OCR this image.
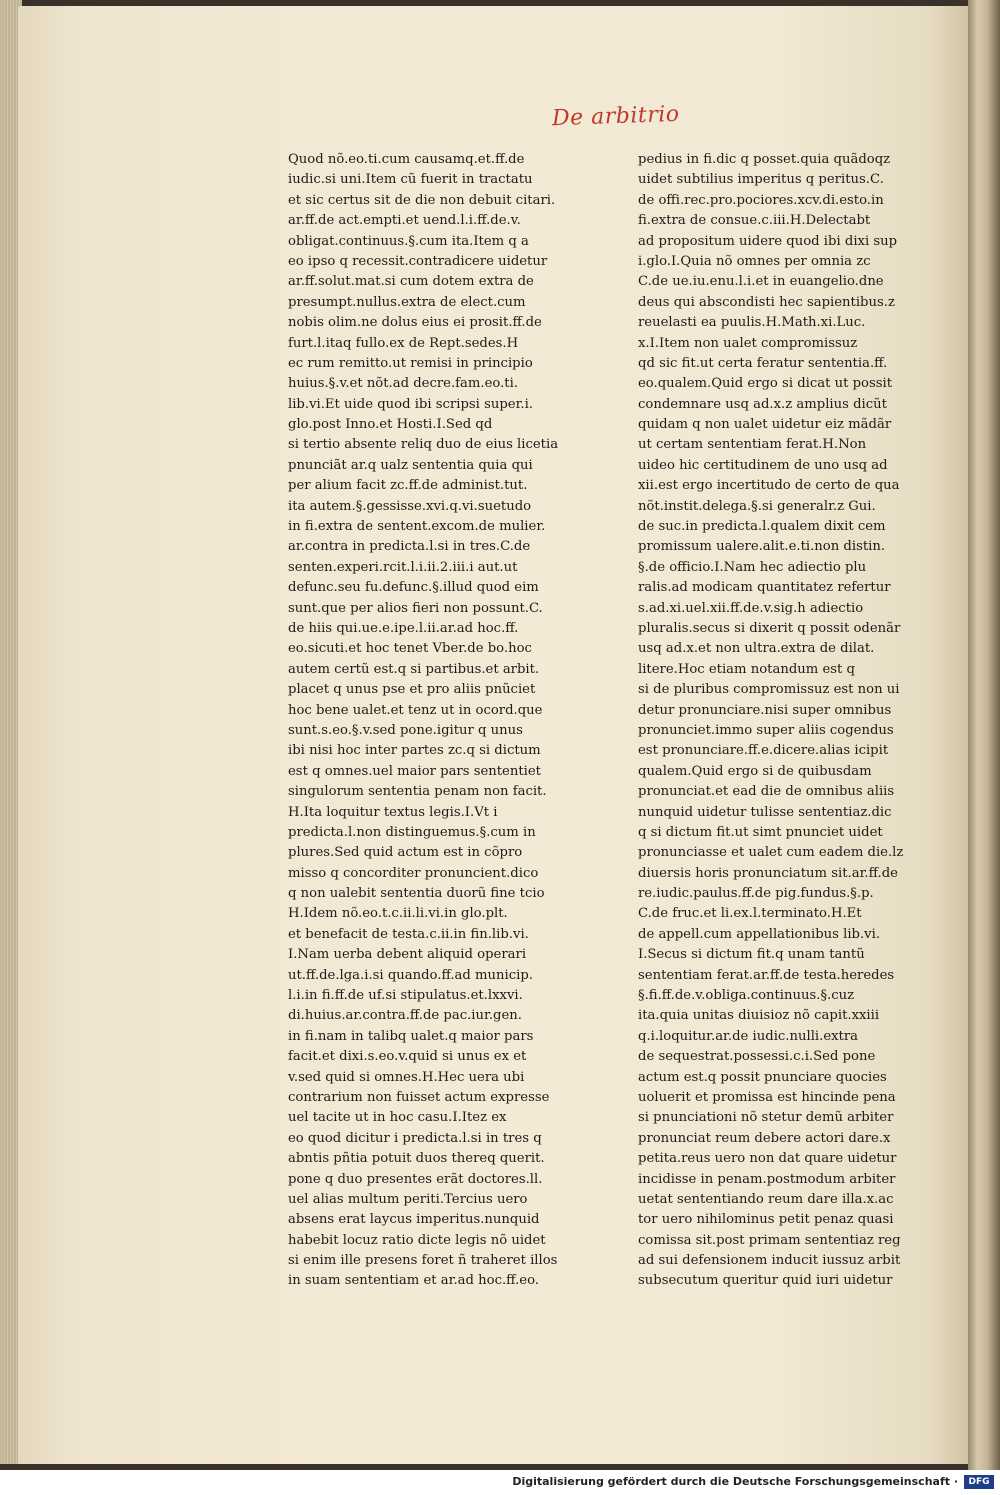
De arbitrio
Quod nõ.eo.ti.cum causamq.et.ff.de
iudic.si uni.Item cũ fuerit in tractatu
et sic certus sit de die non debuit citari.
ar.ff.de act.empti.et uend.l.i.ff.de.v.
obligat.continuus.§.cum ita.Item q a
eo ipso q recessit.contradicere uidetur
ar.ff.solut.mat.si cum dotem extra de
presumpt.nullus.extra de elect.cum
nobis olim.ne dolus eius ei prosit.ff.de
furt.l.itaq fullo.ex de Rept.sedes.H
ec rum remitto.ut remisi in principio
huius.§.v.et nõt.ad decre.fam.eo.ti.
lib.vi.Et uide quod ibi scripsi super.i.
glo.post Inno.et Hosti.I.Sed qd
si tertio absente reliq duo de eius licetia
pnunciãt ar.q ualz sententia quia qui
per alium facit zc.ff.de administ.tut.
ita autem.§.gessisse.xvi.q.vi.suetudo
in fi.extra de sentent.excom.de mulier.
ar.contra in predicta.l.si in tres.C.de
senten.experi.rcit.l.i.ii.2.iii.i aut.ut
defunc.seu fu.defunc.§.illud quod eim
sunt.que per alios fieri non possunt.C.
de hiis qui.ue.e.ipe.l.ii.ar.ad hoc.ff.
eo.sicuti.et hoc tenet Vber.de bo.hoc
autem certũ est.q si partibus.et arbit.
placet q unus pse et pro aliis pnũciet
hoc bene ualet.et tenz ut in ocord.que
sunt.s.eo.§.v.sed pone.igitur q unus
ibi nisi hoc inter partes zc.q si dictum
est q omnes.uel maior pars sententiet
singulorum sententia penam non facit.
H.Ita loquitur textus legis.I.Vt i
predicta.l.non distinguemus.§.cum in
plures.Sed quid actum est in cõpro
misso q concorditer pronuncient.dico
q non ualebit sententia duorũ fine tcio
H.Idem nõ.eo.t.c.ii.li.vi.in glo.plt.
et benefacit de testa.c.ii.in fin.lib.vi.
I.Nam uerba debent aliquid operari
ut.ff.de.lga.i.si quando.ff.ad municip.
l.i.in fi.ff.de uf.si stipulatus.et.lxxvi.
di.huius.ar.contra.ff.de pac.iur.gen.
in fi.nam in talibq ualet.q maior pars
facit.et dixi.s.eo.v.quid si unus ex et
v.sed quid si omnes.H.Hec uera ubi
contrarium non fuisset actum expresse
uel tacite ut in hoc casu.I.Itez ex
eo quod dicitur i predicta.l.si in tres q
abntis pñtia potuit duos thereq querit.
pone q duo presentes erãt doctores.ll.
uel alias multum periti.Tercius uero
absens erat laycus imperitus.nunquid
habebit locuz ratio dicte legis nõ uidet
si enim ille presens foret ñ traheret illos
in suam sententiam et ar.ad hoc.ff.eo.
pedius in fi.dic q posset.quia quãdoqz
uidet subtilius imperitus q peritus.C.
de offi.rec.pro.pociores.xcv.di.esto.in
fi.extra de consue.c.iii.H.Delectabt
ad propositum uidere quod ibi dixi sup
i.glo.I.Quia nõ omnes per omnia zc
C.de ue.iu.enu.l.i.et in euangelio.dne
deus qui abscondisti hec sapientibus.z
reuelasti ea puulis.H.Math.xi.Luc.
x.I.Item non ualet compromissuz
qd sic fit.ut certa feratur sententia.ff.
eo.qualem.Quid ergo si dicat ut possit
condemnare usq ad.x.z amplius dicũt
quidam q non ualet uidetur eiz mãdãr
ut certam sententiam ferat.H.Non
uideo hic certitudinem de uno usq ad
xii.est ergo incertitudo de certo de qua
nõt.instit.delega.§.si generalr.z Gui.
de suc.in predicta.l.qualem dixit cem
promissum ualere.alit.e.ti.non distin.
§.de officio.I.Nam hec adiectio plu
ralis.ad modicam quantitatez refertur
s.ad.xi.uel.xii.ff.de.v.sig.h adiectio
pluralis.secus si dixerit q possit odenãr
usq ad.x.et non ultra.extra de dilat.
litere.Hoc etiam notandum est q
si de pluribus compromissuz est non ui
detur pronunciare.nisi super omnibus
pronunciet.immo super aliis cogendus
est pronunciare.ff.e.dicere.alias icipit
qualem.Quid ergo si de quibusdam
pronunciat.et ead die de omnibus aliis
nunquid uidetur tulisse sententiaz.dic
q si dictum fit.ut simt pnunciet uidet
pronunciasse et ualet cum eadem die.lz
diuersis horis pronunciatum sit.ar.ff.de
re.iudic.paulus.ff.de pig.fundus.§.p.
C.de fruc.et li.ex.l.terminato.H.Et
de appell.cum appellationibus lib.vi.
I.Secus si dictum fit.q unam tantũ
sententiam ferat.ar.ff.de testa.heredes
§.fi.ff.de.v.obliga.continuus.§.cuz
ita.quia unitas diuisioz nõ capit.xxiii
q.i.loquitur.ar.de iudic.nulli.extra
de sequestrat.possessi.c.i.Sed pone
actum est.q possit pnunciare quocies
uoluerit et promissa est hincinde pena
si pnunciationi nõ stetur demũ arbiter
pronunciat reum debere actori dare.x
petita.reus uero non dat quare uidetur
incidisse in penam.postmodum arbiter
uetat sententiando reum dare illa.x.ac
tor uero nihilominus petit penaz quasi
comissa sit.post primam sententiaz reg
ad sui defensionem inducit iussuz arbit
subsecutum queritur quid iuri uidetur
Digitalisierung gefördert durch die Deutsche Forschungsgemeinschaft ·	DFG
